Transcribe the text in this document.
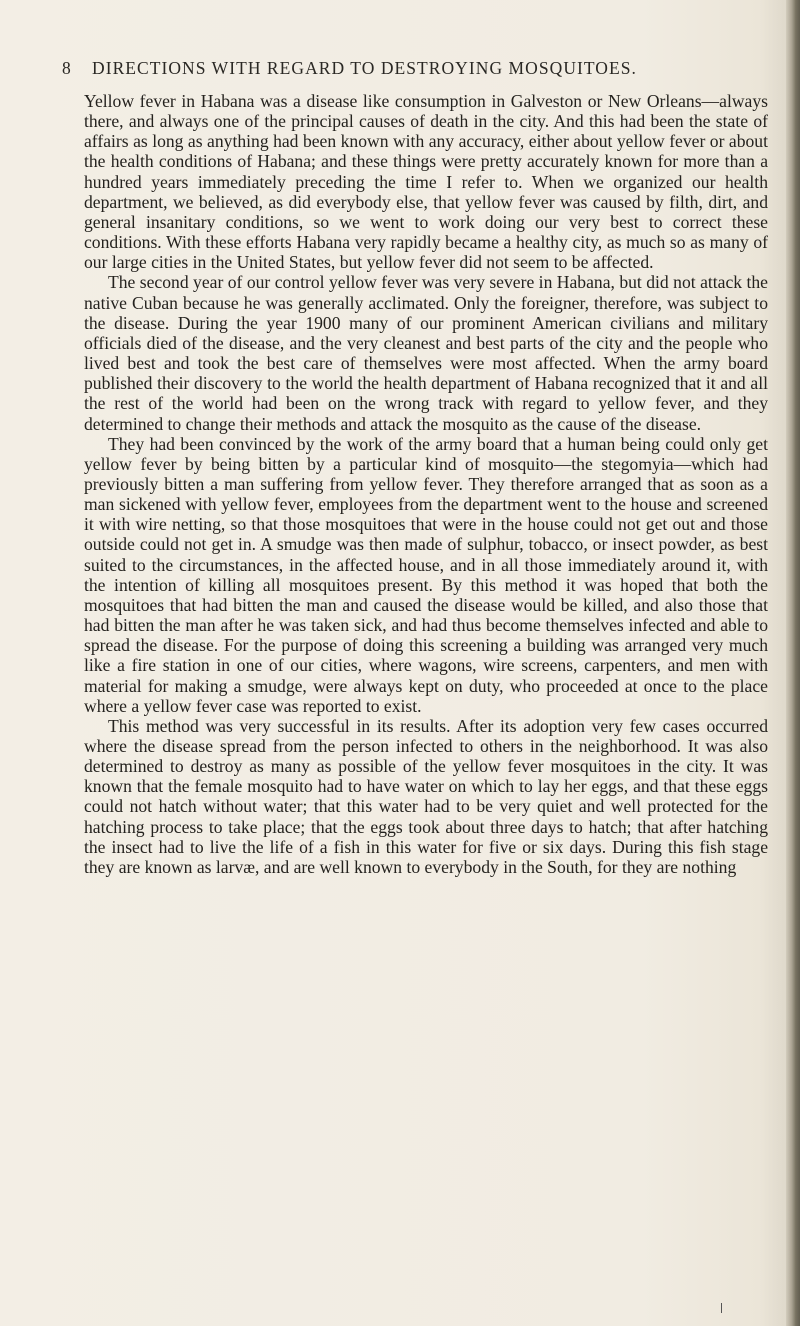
8 DIRECTIONS WITH REGARD TO DESTROYING MOSQUITOES.

Yellow fever in Habana was a disease like consumption in Galveston or New Orleans—always there, and always one of the principal causes of death in the city. And this had been the state of affairs as long as anything had been known with any accuracy, either about yellow fever or about the health conditions of Habana; and these things were pretty accurately known for more than a hundred years immediately preceding the time I refer to. When we organized our health department, we believed, as did everybody else, that yellow fever was caused by filth, dirt, and general insanitary conditions, so we went to work doing our very best to correct these conditions. With these efforts Habana very rapidly became a healthy city, as much so as many of our large cities in the United States, but yellow fever did not seem to be affected.

The second year of our control yellow fever was very severe in Habana, but did not attack the native Cuban because he was generally acclimated. Only the foreigner, therefore, was subject to the disease. During the year 1900 many of our prominent American civilians and military officials died of the disease, and the very cleanest and best parts of the city and the people who lived best and took the best care of themselves were most affected. When the army board published their discovery to the world the health department of Habana recognized that it and all the rest of the world had been on the wrong track with regard to yellow fever, and they determined to change their methods and attack the mosquito as the cause of the disease.

They had been convinced by the work of the army board that a human being could only get yellow fever by being bitten by a particular kind of mosquito—the stegomyia—which had previously bitten a man suffering from yellow fever. They therefore arranged that as soon as a man sickened with yellow fever, employees from the department went to the house and screened it with wire netting, so that those mosquitoes that were in the house could not get out and those outside could not get in. A smudge was then made of sulphur, tobacco, or insect powder, as best suited to the circumstances, in the affected house, and in all those immediately around it, with the intention of killing all mosquitoes present. By this method it was hoped that both the mosquitoes that had bitten the man and caused the disease would be killed, and also those that had bitten the man after he was taken sick, and had thus become themselves infected and able to spread the disease. For the purpose of doing this screening a building was arranged very much like a fire station in one of our cities, where wagons, wire screens, carpenters, and men with material for making a smudge, were always kept on duty, who proceeded at once to the place where a yellow fever case was reported to exist.

This method was very successful in its results. After its adoption very few cases occurred where the disease spread from the person infected to others in the neighborhood. It was also determined to destroy as many as possible of the yellow fever mosquitoes in the city. It was known that the female mosquito had to have water on which to lay her eggs, and that these eggs could not hatch without water; that this water had to be very quiet and well protected for the hatching process to take place; that the eggs took about three days to hatch; that after hatching the insect had to live the life of a fish in this water for five or six days. During this fish stage they are known as larvæ, and are well known to everybody in the South, for they are nothing
